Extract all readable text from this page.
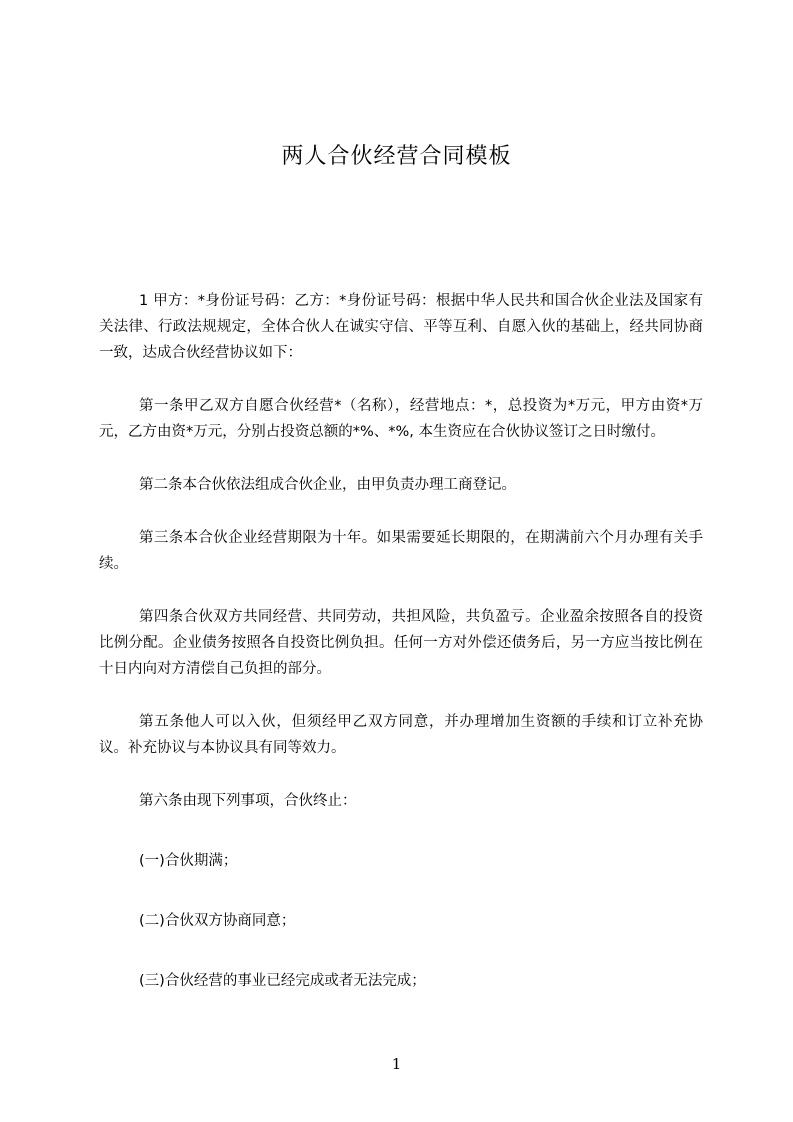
两人合伙经营合同模板

1 甲方：*身份证号码：乙方：*身份证号码：根据中华人民共和国合伙企业法及国家有关法律、行政法规规定，全体合伙人在诚实守信、平等互利、自愿入伙的基础上，经共同协商一致，达成合伙经营协议如下：

第一条甲乙双方自愿合伙经营*（名称），经营地点：*，总投资为*万元，甲方由资*万元，乙方由资*万元，分别占投资总额的*%、*%, 本生资应在合伙协议签订之日时缴付。

第二条本合伙依法组成合伙企业，由甲负责办理工商登记。

第三条本合伙企业经营期限为十年。如果需要延长期限的，在期满前六个月办理有关手续。

第四条合伙双方共同经营、共同劳动，共担风险，共负盈亏。企业盈余按照各自的投资比例分配。企业债务按照各自投资比例负担。任何一方对外偿还债务后，另一方应当按比例在十日内向对方清偿自己负担的部分。

第五条他人可以入伙，但须经甲乙双方同意，并办理增加生资额的手续和订立补充协议。补充协议与本协议具有同等效力。

第六条由现下列事项，合伙终止：

(一)合伙期满；

(二)合伙双方协商同意；

(三)合伙经营的事业已经完成或者无法完成；

1
